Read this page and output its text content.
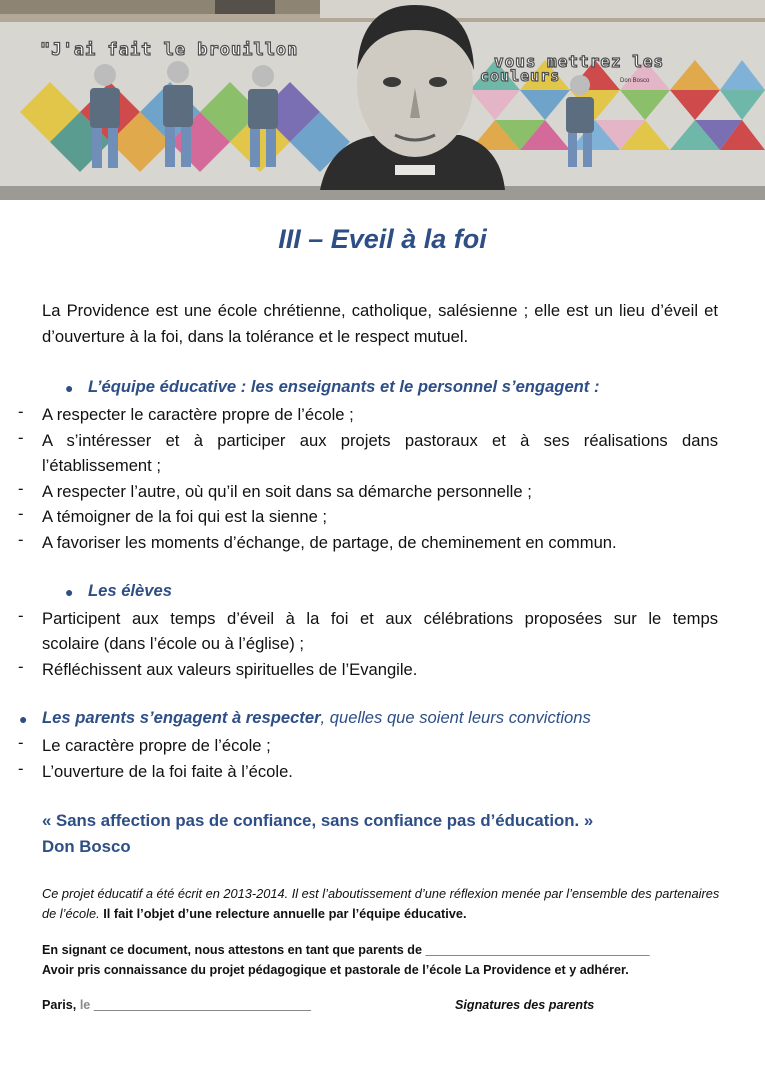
"J'ai fait le brouillon
vous mettrez les
couleurs	Don Bosco
III – Eveil à la foi
La Providence est une école chrétienne, catholique, salésienne ; elle est un lieu d’éveil et d’ouverture à la foi, dans la tolérance et le respect mutuel.
● L’équipe éducative : les enseignants et le personnel s’engagent :
- A respecter le caractère propre de l’école ;
- A s’intéresser et à participer aux projets pastoraux et à ses réalisations dans
l’établissement ;
- A respecter l’autre, où qu’il en soit dans sa démarche personnelle ;
- A témoigner de la foi qui est la sienne ;
- A favoriser les moments d’échange, de partage, de cheminement en commun.
● Les élèves
- Participent aux temps d’éveil à la foi et aux célébrations proposées sur le temps
scolaire (dans l’école ou à l’église) ;
- Réfléchissent aux valeurs spirituelles de l’Evangile.
● Les parents s’engagent à respecter, quelles que soient leurs convictions
- Le caractère propre de l’école ;
- L’ouverture de la foi faite à l’école.
« Sans affection pas de confiance, sans confiance pas d’éducation. »
Don Bosco
Ce projet éducatif a été écrit en 2013-2014. Il est l’aboutissement d’une réflexion menée par l’ensemble des partenaires de l’école. Il fait l’objet d’une relecture annuelle par l’équipe éducative.
En signant ce document, nous attestons en tant que parents de ________________________________
Avoir pris connaissance du projet pédagogique et pastorale de l’école La Providence et y adhérer.
Paris, le _______________________________	Signatures des parents
